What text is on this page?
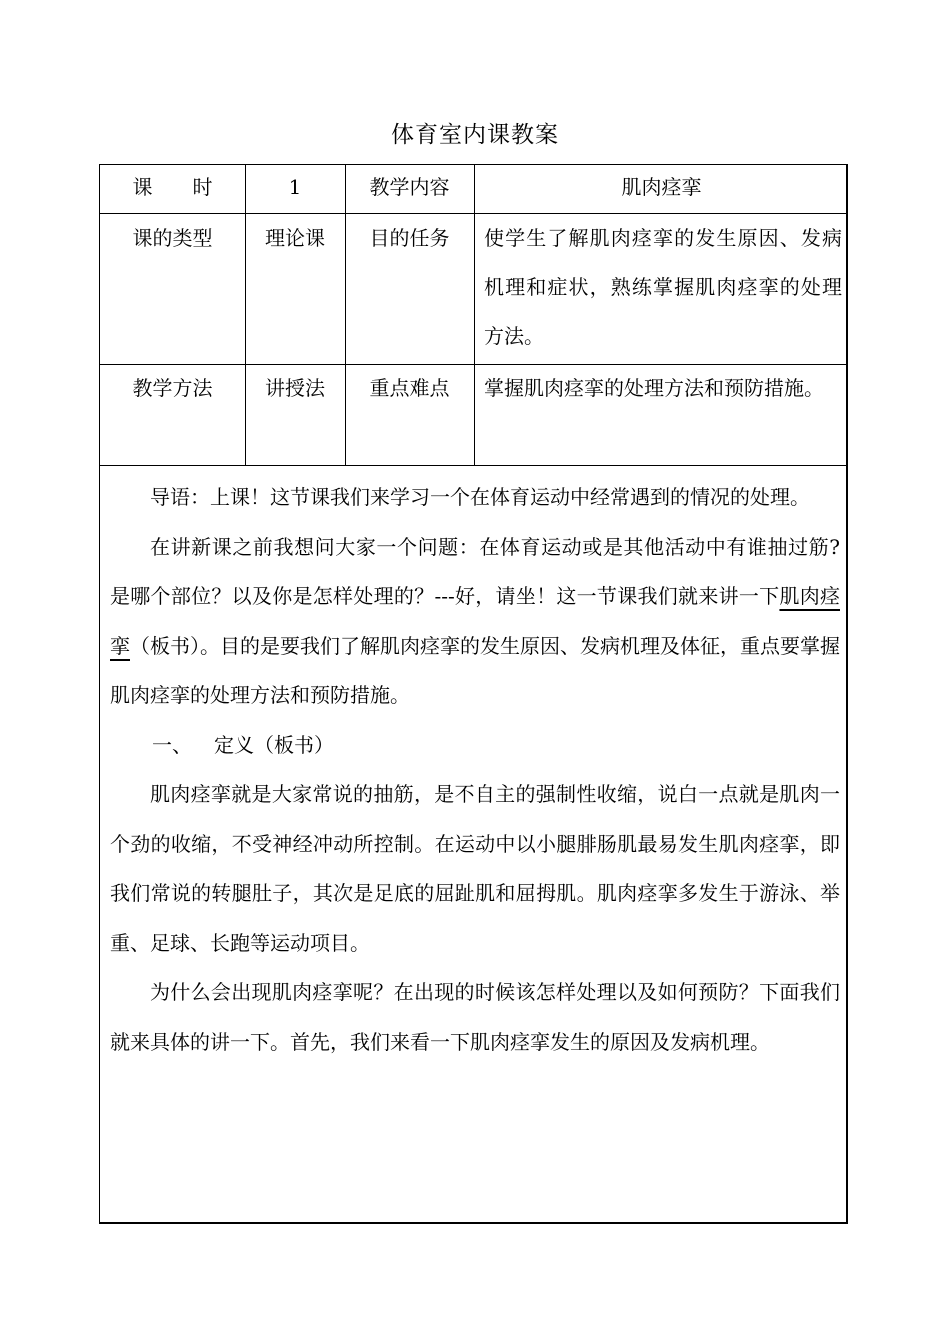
体育室内课教案
课　　时	1	教学内容	肌肉痉挛
课的类型	理论课	目的任务	使学生了解肌肉痉挛的发生原因、发病机理和症状，熟练掌握肌肉痉挛的处理方法。
教学方法	讲授法	重点难点	掌握肌肉痉挛的处理方法和预防措施。

导语：上课！这节课我们来学习一个在体育运动中经常遇到的情况的处理。

在讲新课之前我想问大家一个问题：在体育运动或是其他活动中有谁抽过筋?是哪个部位？以及你是怎样处理的？---好，请坐！这一节课我们就来讲一下肌肉痉挛（板书）。目的是要我们了解肌肉痉挛的发生原因、发病机理及体征，重点要掌握肌肉痉挛的处理方法和预防措施。

一、 定义（板书）

肌肉痉挛就是大家常说的抽筋，是不自主的强制性收缩，说白一点就是肌肉一个劲的收缩，不受神经冲动所控制。在运动中以小腿腓肠肌最易发生肌肉痉挛，即我们常说的转腿肚子，其次是足底的屈趾肌和屈拇肌。肌肉痉挛多发生于游泳、举重、足球、长跑等运动项目。

为什么会出现肌肉痉挛呢？在出现的时候该怎样处理以及如何预防？下面我们就来具体的讲一下。首先，我们来看一下肌肉痉挛发生的原因及发病机理。
